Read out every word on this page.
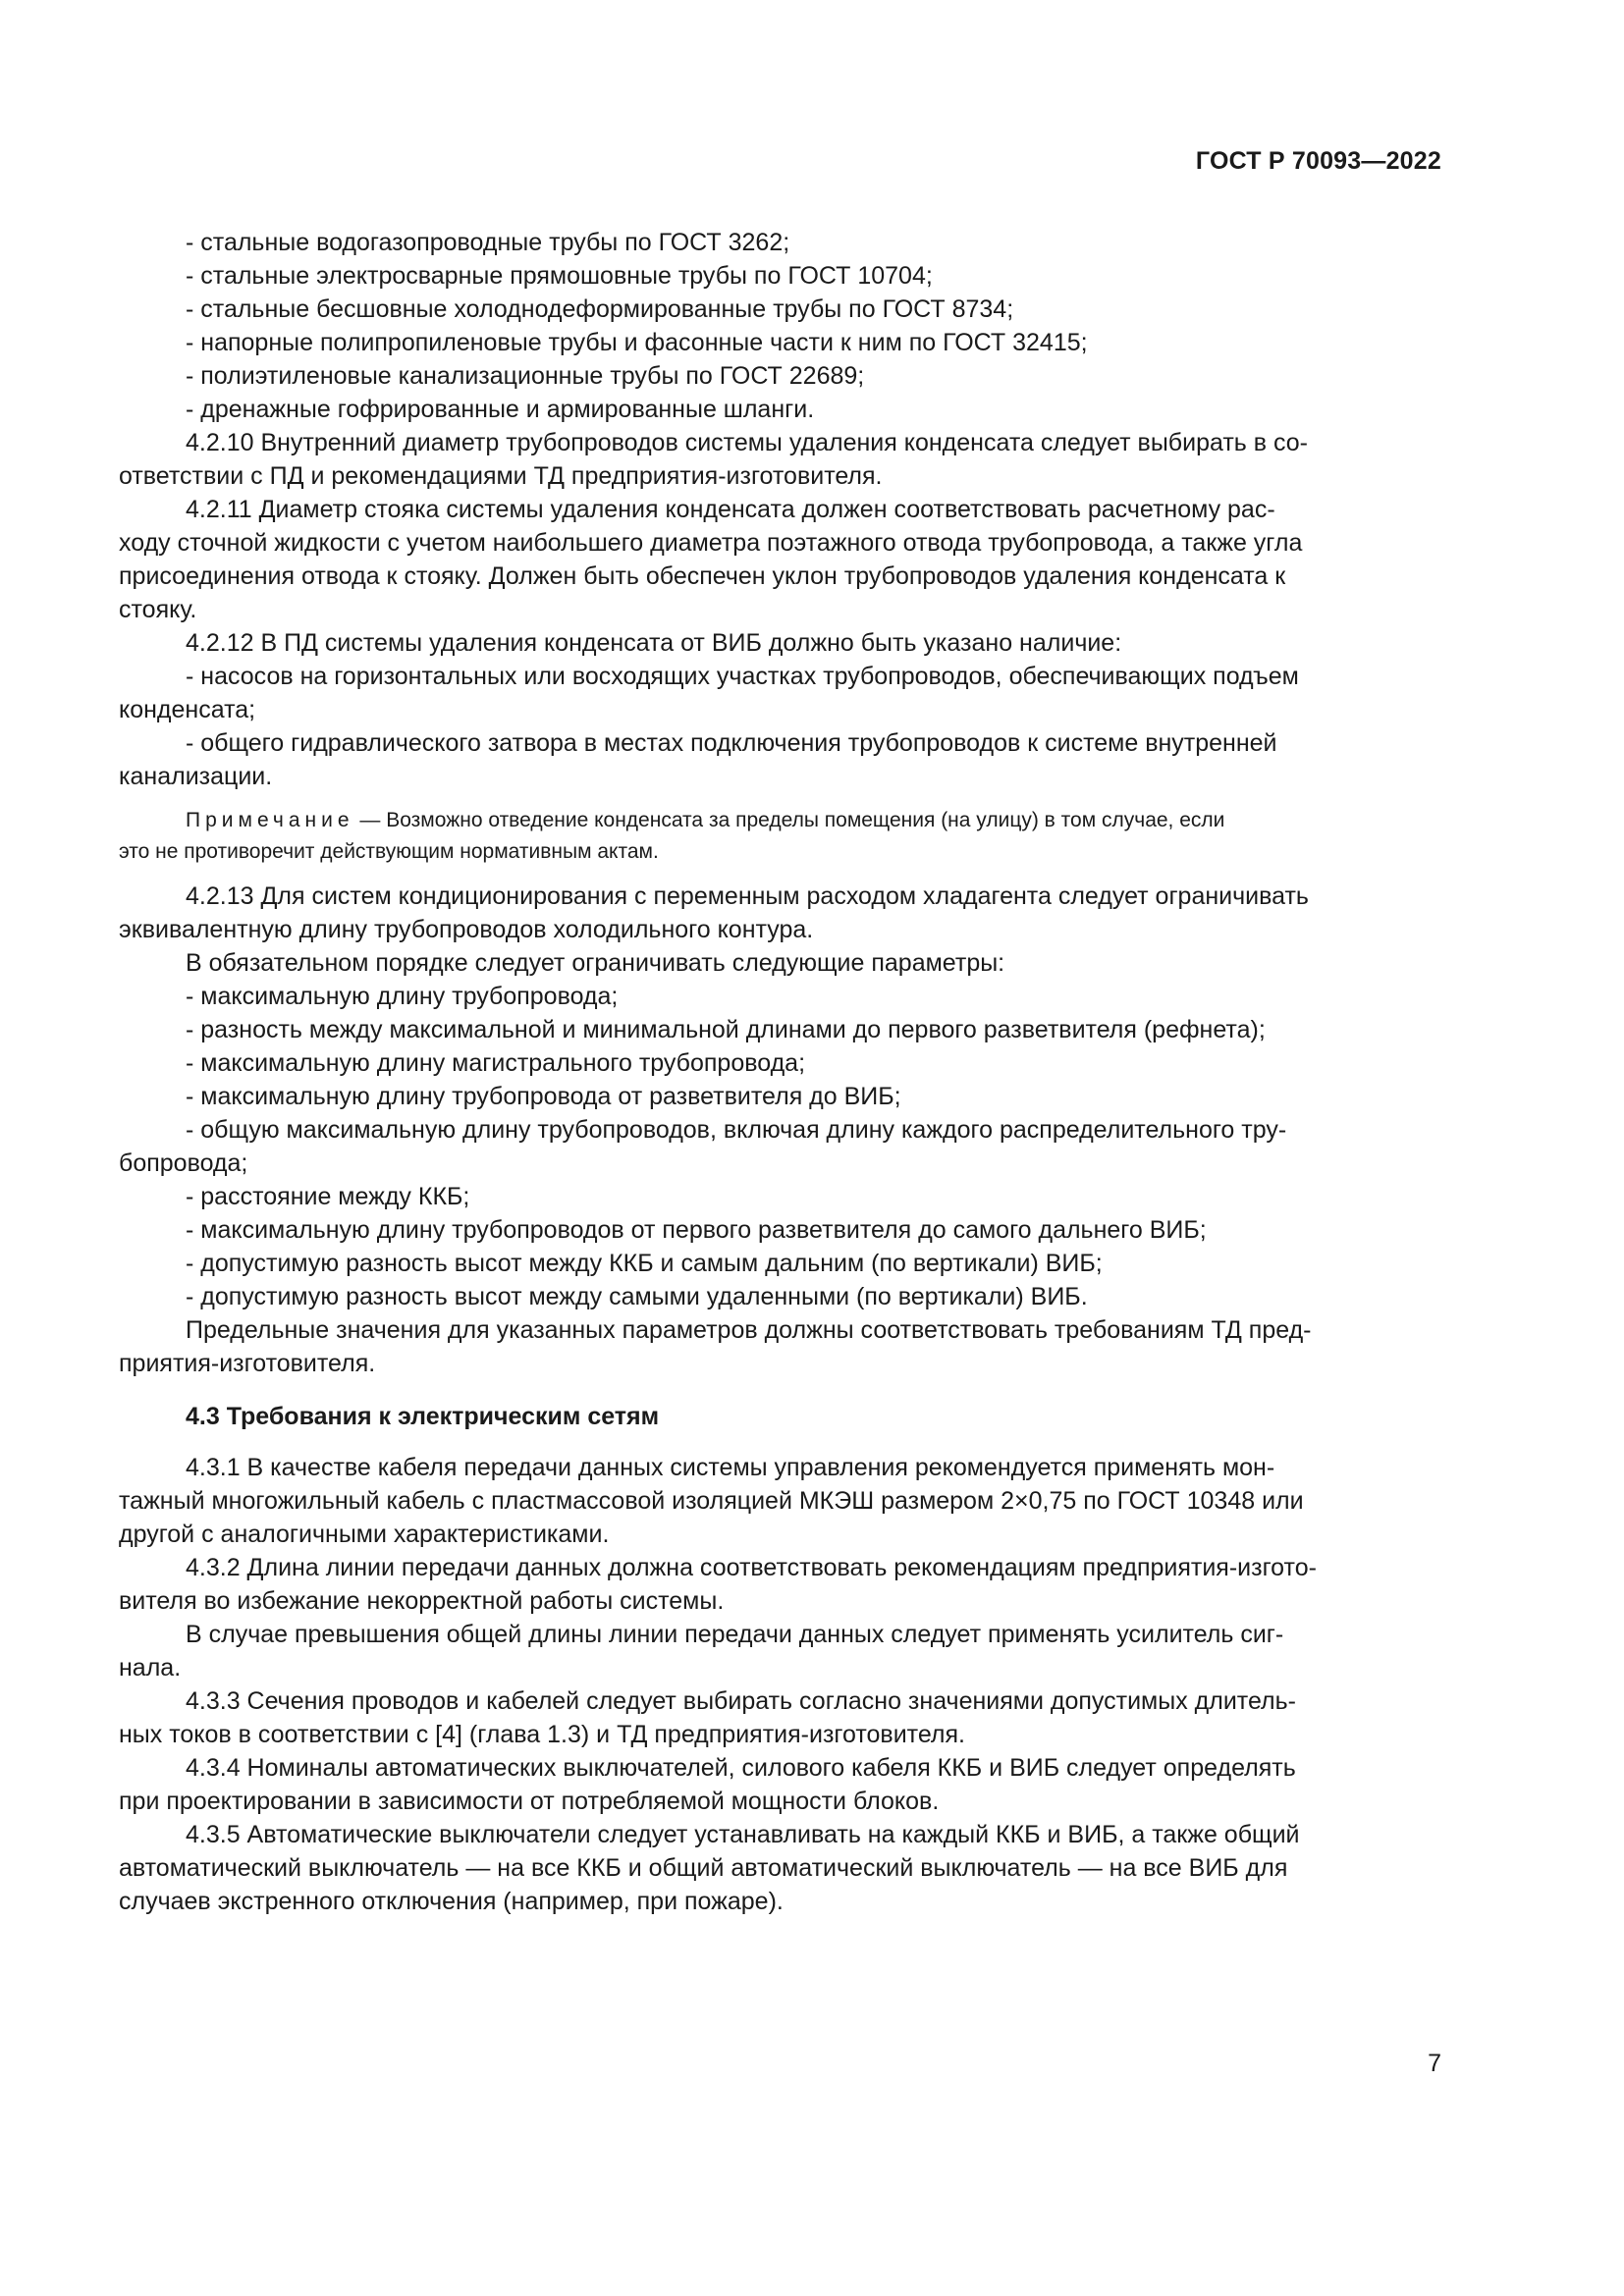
ГОСТ Р 70093—2022
- стальные водогазопроводные трубы по ГОСТ 3262;
- стальные электросварные прямошовные трубы по ГОСТ 10704;
- стальные бесшовные холоднодеформированные трубы по ГОСТ 8734;
- напорные полипропиленовые трубы и фасонные части к ним по ГОСТ 32415;
- полиэтиленовые канализационные трубы по ГОСТ 22689;
- дренажные гофрированные и армированные шланги.
4.2.10 Внутренний диаметр трубопроводов системы удаления конденсата следует выбирать в со-
ответствии с ПД и рекомендациями ТД предприятия-изготовителя.
4.2.11 Диаметр стояка системы удаления конденсата должен соответствовать расчетному рас-
ходу сточной жидкости с учетом наибольшего диаметра поэтажного отвода трубопровода, а также угла
присоединения отвода к стояку. Должен быть обеспечен уклон трубопроводов удаления конденсата к
стояку.
4.2.12 В ПД системы удаления конденсата от ВИБ должно быть указано наличие:
- насосов на горизонтальных или восходящих участках трубопроводов, обеспечивающих подъем
конденсата;
- общего гидравлического затвора в местах подключения трубопроводов к системе внутренней
канализации.
Примечание — Возможно отведение конденсата за пределы помещения (на улицу) в том случае, если
это не противоречит действующим нормативным актам.
4.2.13 Для систем кондиционирования с переменным расходом хладагента следует ограничивать
эквивалентную длину трубопроводов холодильного контура.
В обязательном порядке следует ограничивать следующие параметры:
- максимальную длину трубопровода;
- разность между максимальной и минимальной длинами до первого разветвителя (рефнета);
- максимальную длину магистрального трубопровода;
- максимальную длину трубопровода от разветвителя до ВИБ;
- общую максимальную длину трубопроводов, включая длину каждого распределительного тру-
бопровода;
- расстояние между ККБ;
- максимальную длину трубопроводов от первого разветвителя до самого дальнего ВИБ;
- допустимую разность высот между ККБ и самым дальним (по вертикали) ВИБ;
- допустимую разность высот между самыми удаленными (по вертикали) ВИБ.
Предельные значения для указанных параметров должны соответствовать требованиям ТД пред-
приятия-изготовителя.
4.3 Требования к электрическим сетям
4.3.1 В качестве кабеля передачи данных системы управления рекомендуется применять мон-
тажный многожильный кабель с пластмассовой изоляцией МКЭШ размером 2×0,75 по ГОСТ 10348 или
другой с аналогичными характеристиками.
4.3.2 Длина линии передачи данных должна соответствовать рекомендациям предприятия-изгото-
вителя во избежание некорректной работы системы.
В случае превышения общей длины линии передачи данных следует применять усилитель сиг-
нала.
4.3.3 Сечения проводов и кабелей следует выбирать согласно значениями допустимых длитель-
ных токов в соответствии с [4] (глава 1.3) и ТД предприятия-изготовителя.
4.3.4 Номиналы автоматических выключателей, силового кабеля ККБ и ВИБ следует определять
при проектировании в зависимости от потребляемой мощности блоков.
4.3.5 Автоматические выключатели следует устанавливать на каждый ККБ и ВИБ, а также общий
автоматический выключатель — на все ККБ и общий автоматический выключатель — на все ВИБ для
случаев экстренного отключения (например, при пожаре).
7
